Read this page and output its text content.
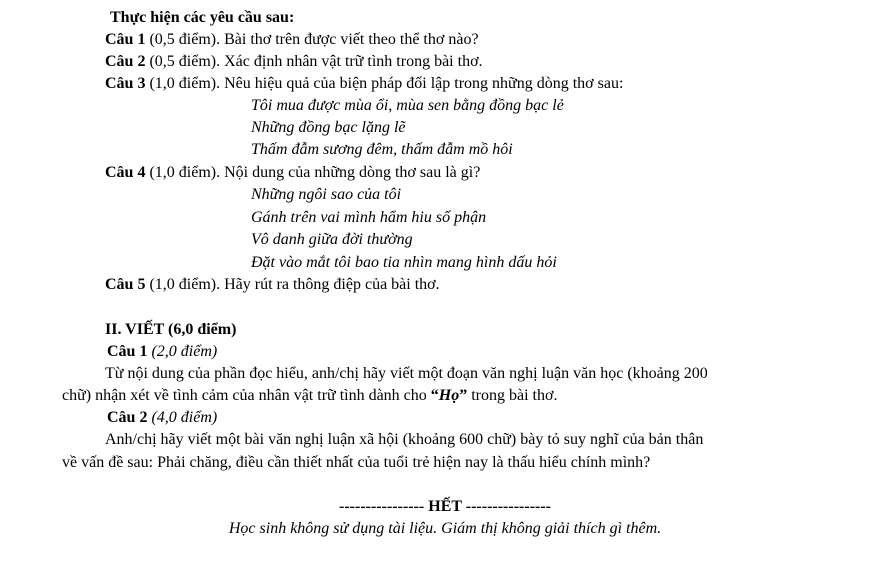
Thực hiện các yêu cầu sau:
Câu 1 (0,5 điểm). Bài thơ trên được viết theo thể thơ nào?
Câu 2 (0,5 điểm). Xác định nhân vật trữ tình trong bài thơ.
Câu 3 (1,0 điểm). Nêu hiệu quả của biện pháp đối lập trong những dòng thơ sau:
Tôi mua được mùa ổi, mùa sen bằng đồng bạc lẻ
Những đồng bạc lặng lẽ
Thấm đẫm sương đêm, thấm đẫm mồ hôi
Câu 4 (1,0 điểm). Nội dung của những dòng thơ sau là gì?
Những ngôi sao của tôi
Gánh trên vai mình hẩm hiu số phận
Vô danh giữa đời thường
Đặt vào mắt tôi bao tia nhìn mang hình dấu hỏi
Câu 5 (1,0 điểm). Hãy rút ra thông điệp của bài thơ.
II. VIẾT (6,0 điểm)
Câu 1 (2,0 điểm)
Từ nội dung của phần đọc hiểu, anh/chị hãy viết một đoạn văn nghị luận văn học (khoảng 200
chữ) nhận xét về tình cảm của nhân vật trữ tình dành cho “Họ” trong bài thơ.
Câu 2 (4,0 điểm)
Anh/chị hãy viết một bài văn nghị luận xã hội (khoảng 600 chữ) bày tỏ suy nghĩ của bản thân
về vấn đề sau: Phải chăng, điều cần thiết nhất của tuổi trẻ hiện nay là thấu hiểu chính mình?
---------------- HẾT ----------------
Học sinh không sử dụng tài liệu. Giám thị không giải thích gì thêm.
